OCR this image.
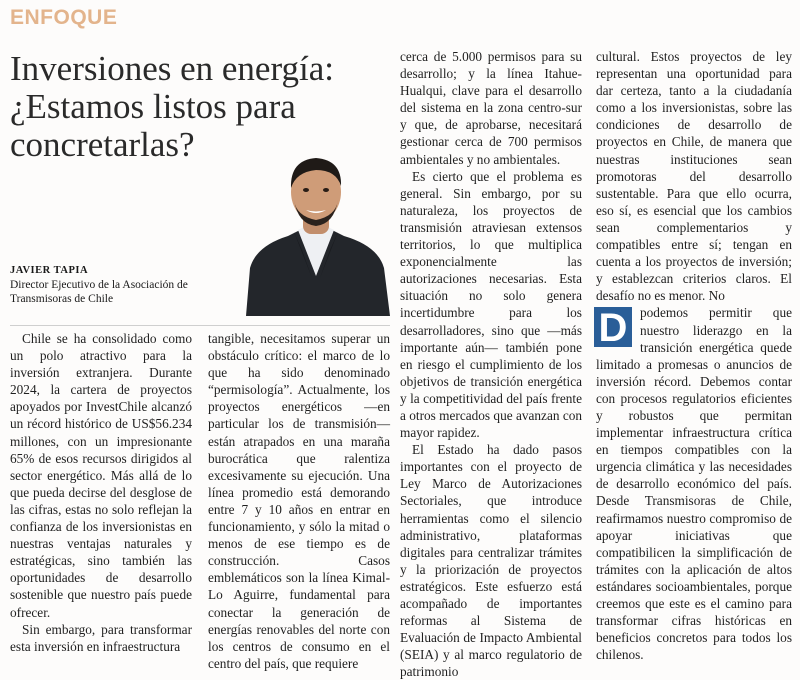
ENFOQUE
Inversiones en energía: ¿Estamos listos para concretarlas?
JAVIER TAPIA
Director Ejecutivo de la Asociación de Transmisoras de Chile

Chile se ha consolidado como un polo atractivo para la inversión extranjera. Durante 2024, la cartera de proyectos apoyados por InvestChile alcanzó un récord histórico de US$56.234 millones, con un impresionante 65% de esos recursos dirigidos al sector energético. Más allá de lo que pueda decirse del desglose de las cifras, estas no solo reflejan la confianza de los inversionistas en nuestras ventajas naturales y estratégicas, sino también las oportunidades de desarrollo sostenible que nuestro país puede ofrecer.

Sin embargo, para transformar esta inversión en infraestructura

tangible, necesitamos superar un obstáculo crítico: el marco de lo que ha sido denominado “permisología”. Actualmente, los proyectos energéticos —en particular los de transmisión— están atrapados en una maraña burocrática que ralentiza excesivamente su ejecución. Una línea promedio está demorando entre 7 y 10 años en entrar en funcionamiento, y sólo la mitad o menos de ese tiempo es de construcción. Casos emblemáticos son la línea Kimal-Lo Aguirre, fundamental para conectar la generación de energías renovables del norte con los centros de consumo en el centro del país, que requiere

cerca de 5.000 permisos para su desarrollo; y la línea Itahue-Hualqui, clave para el desarrollo del sistema en la zona centro-sur y que, de aprobarse, necesitará gestionar cerca de 700 permisos ambientales y no ambientales.

Es cierto que el problema es general. Sin embargo, por su naturaleza, los proyectos de transmisión atraviesan extensos territorios, lo que multiplica exponencialmente las autorizaciones necesarias. Esta situación no solo genera incertidumbre para los desarrolladores, sino que —más importante aún— también pone en riesgo el cumplimiento de los objetivos de transición energética y la competitividad del país frente a otros mercados que avanzan con mayor rapidez.

El Estado ha dado pasos importantes con el proyecto de Ley Marco de Autorizaciones Sectoriales, que introduce herramientas como el silencio administrativo, plataformas digitales para centralizar trámites y la priorización de proyectos estratégicos. Este esfuerzo está acompañado de importantes reformas al Sistema de Evaluación de Impacto Ambiental (SEIA) y al marco regulatorio de patrimonio

cultural. Estos proyectos de ley representan una oportunidad para dar certeza, tanto a la ciudadanía como a los inversionistas, sobre las condiciones de desarrollo de proyectos en Chile, de manera que nuestras instituciones sean promotoras del desarrollo sustentable. Para que ello ocurra, eso sí, es esencial que los cambios sean complementarios y compatibles entre sí; tengan en cuenta a los proyectos de inversión; y establezcan criterios claros. El desafío no es menor. No

D podemos permitir que nuestro liderazgo en la transición energética quede limitado a promesas o anuncios de inversión récord. Debemos contar con procesos regulatorios eficientes y robustos que permitan implementar infraestructura crítica en tiempos compatibles con la urgencia climática y las necesidades de desarrollo económico del país. Desde Transmisoras de Chile, reafirmamos nuestro compromiso de apoyar iniciativas que compatibilicen la simplificación de trámites con la aplicación de altos estándares socioambientales, porque creemos que este es el camino para transformar cifras históricas en beneficios concretos para todos los chilenos.
